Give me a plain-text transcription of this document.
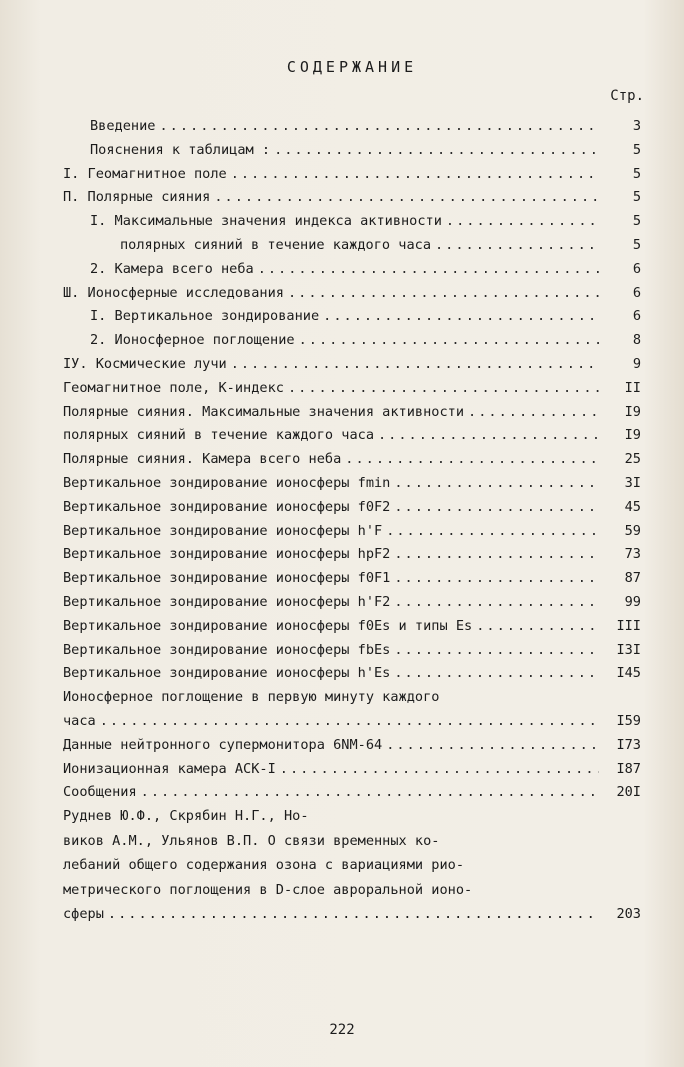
СОДЕРЖАНИЕ
Стр.
Введение .....	3
Пояснения к таблицам : .....	5
I. Геомагнитное поле .....	5
П. Полярные сияния .....	5
I. Максимальные значения индекса активности .....	5
полярных сияний в течение каждого часа .....	5
2. Камера всего неба .....	6
Ш. Ионосферные исследования .....	6
I. Вертикальное зондирование .....	6
2. Ионосферное поглощение .....	8
IУ. Космические лучи .....	9
Геомагнитное поле, К-индекс .....	II
Полярные сияния. Максимальные значения активности .....	I9
полярных сияний в течение каждого часа .....	I9
Полярные сияния. Камера всего неба .....	25
Вертикальное зондирование ионосферы fmin .....	3I
Вертикальное зондирование ионосферы f0F2 .....	45
Вертикальное зондирование ионосферы h'F .....	59
Вертикальное зондирование ионосферы hpF2 .....	73
Вертикальное зондирование ионосферы f0F1 .....	87
Вертикальное зондирование ионосферы h'F2 .....	99
Вертикальное зондирование ионосферы f0Es и типы Es .....	III
Вертикальное зондирование ионосферы fbEs .....	I3I
Вертикальное зондирование ионосферы h'Es .....	I45
Ионосферное поглощение в первую минуту каждого
часа .....	I59
Данные нейтронного супермонитора 6NM-64 .....	I73
Ионизационная камера АСК-I .....	I87
Сообщения .....	20I
Руднев Ю.Ф., Скрябин Н.Г., Но-
виков А.М., Ульянов В.П. О связи временных ко-
лебаний общего содержания озона с вариациями рио-
метрического поглощения в D-слое авроральной ионо-
сферы .....	203
222
